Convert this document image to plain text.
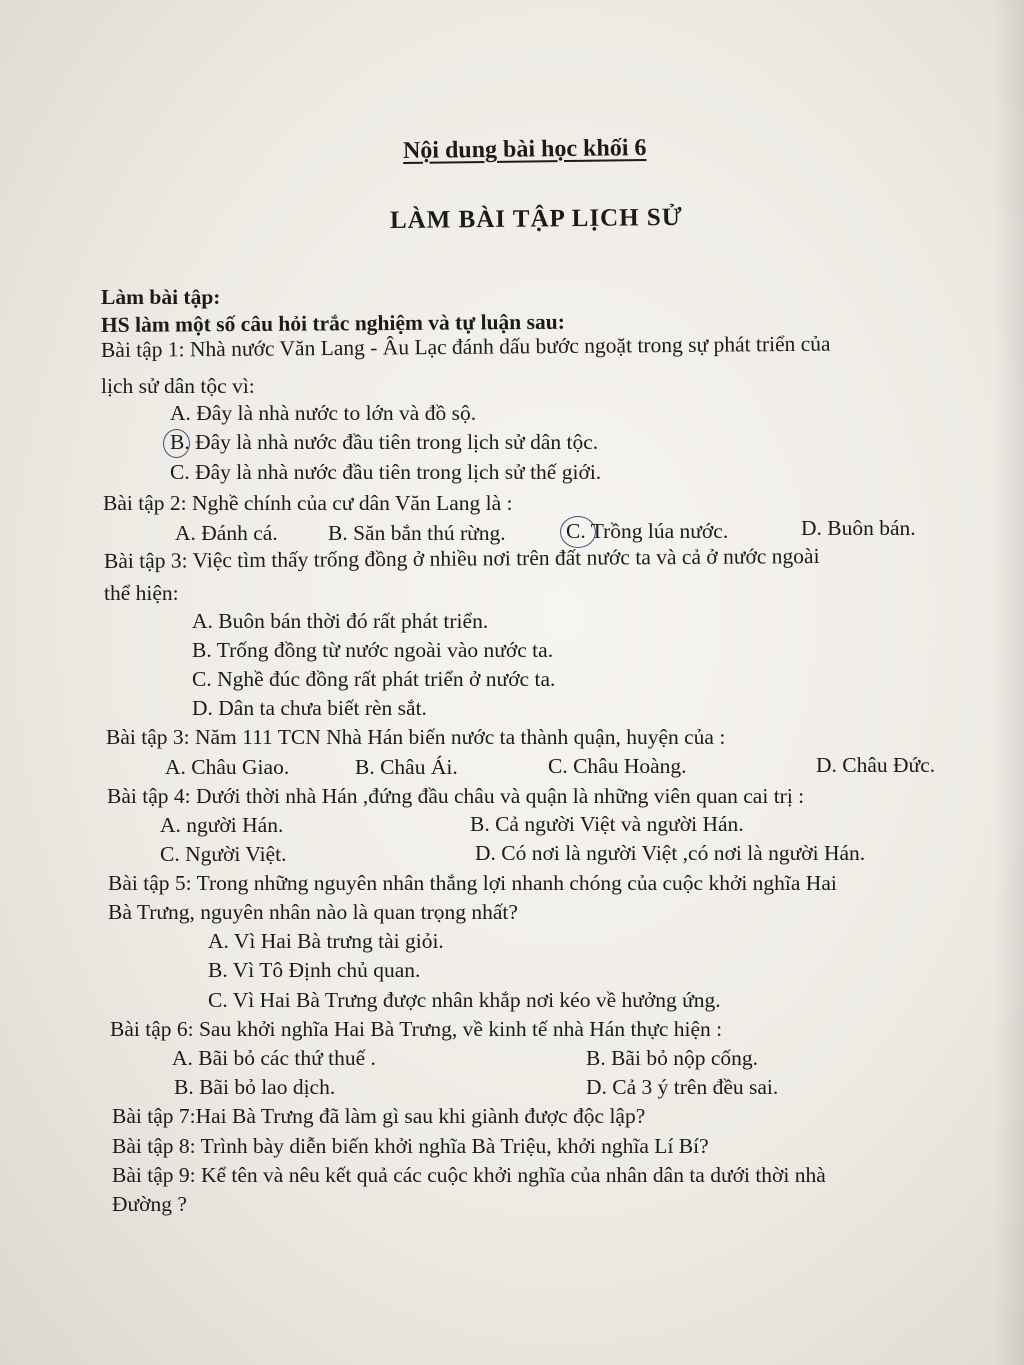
Nội dung bài học khối 6
LÀM BÀI TẬP LỊCH SỬ
Làm bài tập:
HS làm một số câu hỏi trắc nghiệm và tự luận sau:
Bài tập 1: Nhà nước Văn Lang - Âu Lạc đánh dấu bước ngoặt trong sự phát triển của
lịch sử dân tộc vì:
A. Đây là nhà nước to lớn và đồ sộ.
B. Đây là nhà nước đầu tiên trong lịch sử dân tộc.
C. Đây là nhà nước đầu tiên trong lịch sử thế giới.
Bài tập 2: Nghề chính của cư dân Văn Lang là :
A. Đánh cá. B. Săn bắn thú rừng.	C. Trồng lúa nước.	D. Buôn bán.
Bài tập 3: Việc tìm thấy trống đồng ở nhiều nơi trên đất nước ta và cả ở nước ngoài
thể hiện:
A. Buôn bán thời đó rất phát triển.
B. Trống đồng từ nước ngoài vào nước ta.
C. Nghề đúc đồng rất phát triển ở nước ta.
D. Dân ta chưa biết rèn sắt.
Bài tập 3: Năm 111 TCN Nhà Hán biến nước ta thành quận, huyện của :
A. Châu Giao.	B. Châu Ái.	C. Châu Hoàng.	D. Châu Đức.
Bài tập 4: Dưới thời nhà Hán ,đứng đầu châu và quận là những viên quan cai trị :
A. người Hán.	B. Cả người Việt và người Hán.
C. Người Việt.	D. Có nơi là người Việt ,có nơi là người Hán.
Bài tập 5: Trong những nguyên nhân thắng lợi nhanh chóng của cuộc khởi nghĩa Hai
Bà Trưng, nguyên nhân nào là quan trọng nhất?
A. Vì Hai Bà trưng tài giỏi.
B. Vì Tô Định chủ quan.
C. Vì Hai Bà Trưng được nhân khắp nơi kéo về hưởng ứng.
Bài tập 6: Sau khởi nghĩa Hai Bà Trưng, về kinh tế nhà Hán thực hiện :
A. Bãi bỏ các thứ thuế .	B. Bãi bỏ nộp cống.
B. Bãi bỏ lao dịch.	D. Cả 3 ý trên đều sai.
Bài tập 7:Hai Bà Trưng đã làm gì sau khi giành được độc lập?
Bài tập 8: Trình bày diễn biến khởi nghĩa Bà Triệu, khởi nghĩa Lí Bí?
Bài tập 9: Kể tên và nêu kết quả các cuộc khởi nghĩa của nhân dân ta dưới thời nhà
Đường ?
